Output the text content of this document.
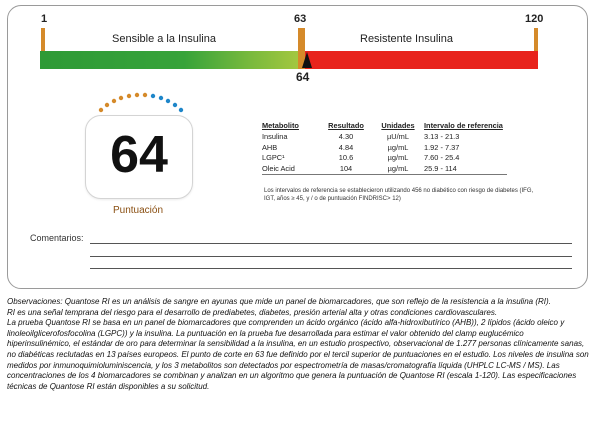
1	63	120
Sensible a la Insulina	Resistente Insulina
64
64
Puntuación
Metabolito	Resultado	Unidades	Intervalo de referencia
Insulina	4.30	µU/mL	3.13 - 21.3
AHB	4.84	µg/mL	1.92 - 7.37
LGPC¹	10.6	µg/mL	7.60 - 25.4
Oleic Acid	104	µg/mL	25.9 - 114
Los intervalos de referencia se establecieron utilizando 456 no diabético con riesgo de diabetes (IFG, IGT, años ≥ 45, y / o de puntuación FINDRISC> 12)
Comentarios:

Observaciones: Quantose RI es un análisis de sangre en ayunas que mide un panel de biomarcadores, que son reflejo de la resistencia a la insulina (RI).

RI es una señal temprana del riesgo para el desarrollo de prediabetes, diabetes, presión arterial alta y otras condiciones cardiovasculares.

La prueba Quantose RI se basa en un panel de biomarcadores que comprenden un ácido orgánico (ácido alfa-hidroxibutírico (AHB)), 2 lípidos (ácido oleico y linoleoilglicerofosfocolina (LGPC)) y la insulina. La puntuación en la prueba fue desarrollada para estimar el valor obtenido del clamp euglucémico hiperinsulinémico, el estándar de oro para determinar la sensibilidad a la insulina, en un estudio prospectivo, observacional de 1.277 personas clínicamente sanas, no diabéticas reclutadas en 13 países europeos. El punto de corte en 63 fue definido por el tercil superior de puntuaciones en el estudio. Los niveles de insulina son medidos por inmunoquimioluminiscencia, y los 3 metabolitos son detectados por espectrometría de masas/cromatografía líquida (UHPLC LC-MS / MS). Las concentraciones de los 4 biomarcadores se combinan y analizan en un algoritmo que genera la puntuación de Quantose RI (escala 1-120). Las especificaciones técnicas de Quantose RI están disponibles a su solicitud.
